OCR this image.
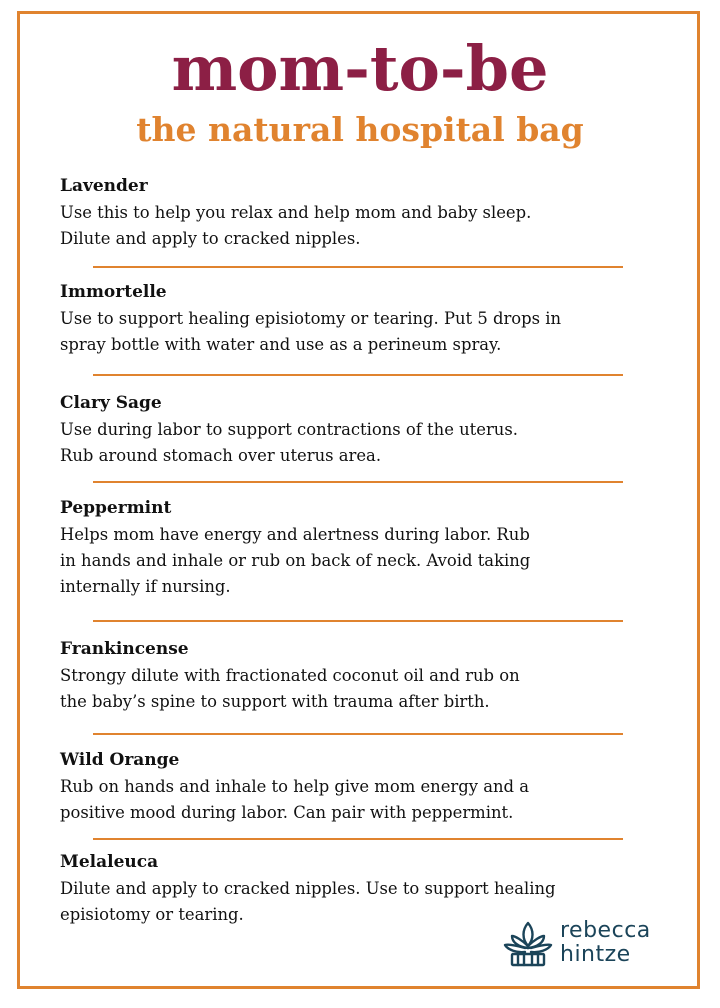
mom-to-be
the natural hospital bag
Lavender

Use this to help you relax and help mom and baby sleep.
Dilute and apply to cracked nipples.

Immortelle

Use to support healing episiotomy or tearing. Put 5 drops in
spray bottle with water and use as a perineum spray.

Clary Sage

Use during labor to support contractions of the uterus.
Rub around stomach over uterus area.

Peppermint

Helps mom have energy and alertness during labor. Rub
in hands and inhale or rub on back of neck. Avoid taking
internally if nursing.

Frankincense

Strongy dilute with fractionated coconut oil and rub on
the baby’s spine to support with trauma after birth.

Wild Orange

Rub on hands and inhale to help give mom energy and a
positive mood during labor. Can pair with peppermint.

Melaleuca

Dilute and apply to cracked nipples. Use to support healing
episiotomy or tearing.

rebecca
hintze
